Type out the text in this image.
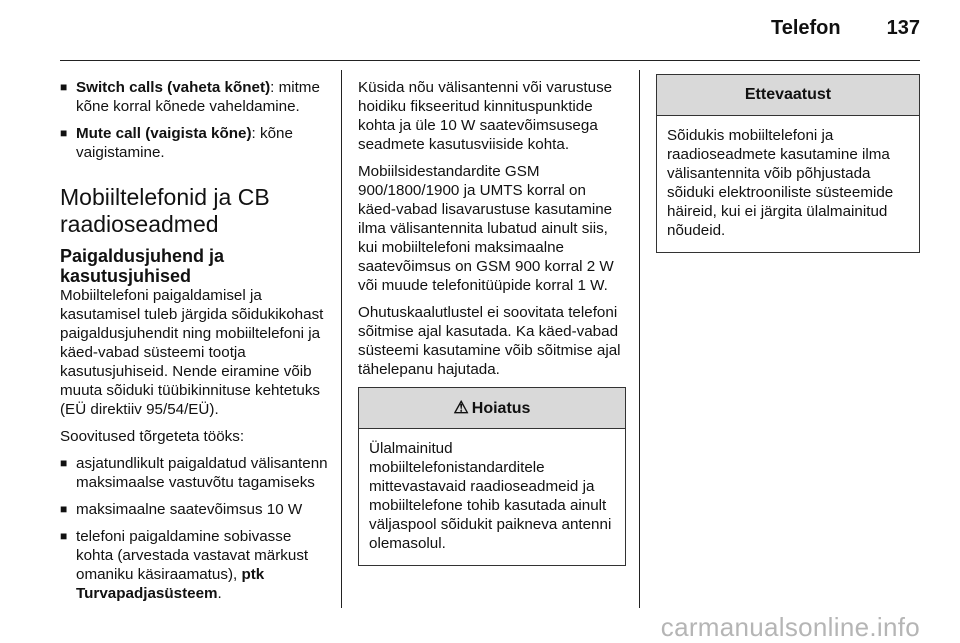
Telefon 137
■ Switch calls (vaheta kõnet): mitme kõne korral kõnede vaheldamine.
■ Mute call (vaigista kõne): kõne vaigistamine.
Mobiiltelefonid ja CB raadioseadmed
Paigaldusjuhend ja kasutusjuhised

Mobiiltelefoni paigaldamisel ja kasutamisel tuleb järgida sõidukikohast paigaldusjuhendit ning mobiiltelefoni ja käed-vabad süsteemi tootja kasutusjuhiseid. Nende eiramine võib muuta sõiduki tüübikinnituse kehtetuks (EÜ direktiiv 95/54/EÜ).

Soovitused tõrgeteta tööks:

■ asjatundlikult paigaldatud välisantenn maksimaalse vastuvõtu tagamiseks
■ maksimaalne saatevõimsus 10 W
■ telefoni paigaldamine sobivasse kohta (arvestada vastavat märkust omaniku käsiraamatus), ptk Turvapadjasüsteem.

Küsida nõu välisantenni või varustuse hoidiku fikseeritud kinnituspunktide kohta ja üle 10 W saatevõimsusega seadmete kasutusviiside kohta.

Mobiilsidestandardite GSM 900/1800/1900 ja UMTS korral on käed-vabad lisavarustuse kasutamine ilma välisantennita lubatud ainult siis, kui mobiiltelefoni maksimaalne saatevõimsus on GSM 900 korral 2 W või muude telefonitüüpide korral 1 W.

Ohutuskaalutlustel ei soovitata telefoni sõitmise ajal kasutada. Ka käed-vabad süsteemi kasutamine võib sõitmise ajal tähelepanu hajutada.

⚠ Hoiatus
Ülalmainitud mobiiltelefonistandarditele mittevastavaid raadioseadmeid ja mobiiltelefone tohib kasutada ainult väljaspool sõidukit paikneva antenni olemasolul.
Ettevaatust
Sõidukis mobiiltelefoni ja raadioseadmete kasutamine ilma välisantennita võib põhjustada sõiduki elektrooniliste süsteemide häireid, kui ei järgita ülalmainitud nõudeid.
carmanualsonline.info
